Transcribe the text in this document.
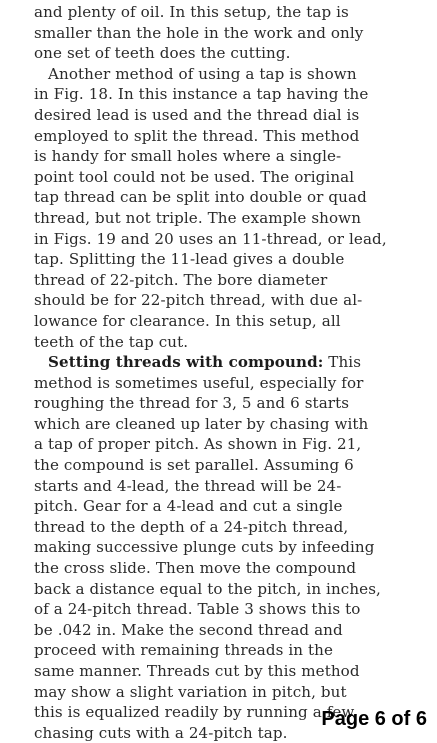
and plenty of oil. In this setup, the tap is
smaller than the hole in the work and only
one set of teeth does the cutting.
Another method of using a tap is shown
in Fig. 18. In this instance a tap having the
desired lead is used and the thread dial is
employed to split the thread. This method
is handy for small holes where a single-
point tool could not be used. The original
tap thread can be split into double or quad
thread, but not triple. The example shown
in Figs. 19 and 20 uses an 11-thread, or lead,
tap. Splitting the 11-lead gives a double
thread of 22-pitch. The bore diameter
should be for 22-pitch thread, with due al-
lowance for clearance. In this setup, all
teeth of the tap cut.
Setting threads with compound: This
method is sometimes useful, especially for
roughing the thread for 3, 5 and 6 starts
which are cleaned up later by chasing with
a tap of proper pitch. As shown in Fig. 21,
the compound is set parallel. Assuming 6
starts and 4-lead, the thread will be 24-
pitch. Gear for a 4-lead and cut a single
thread to the depth of a 24-pitch thread,
making successive plunge cuts by infeeding
the cross slide. Then move the compound
back a distance equal to the pitch, in inches,
of a 24-pitch thread. Table 3 shows this to
be .042 in. Make the second thread and
proceed with remaining threads in the
same manner. Threads cut by this method
may show a slight variation in pitch, but
this is equalized readily by running a few
chasing cuts with a 24-pitch tap.
Page 6 of 6
